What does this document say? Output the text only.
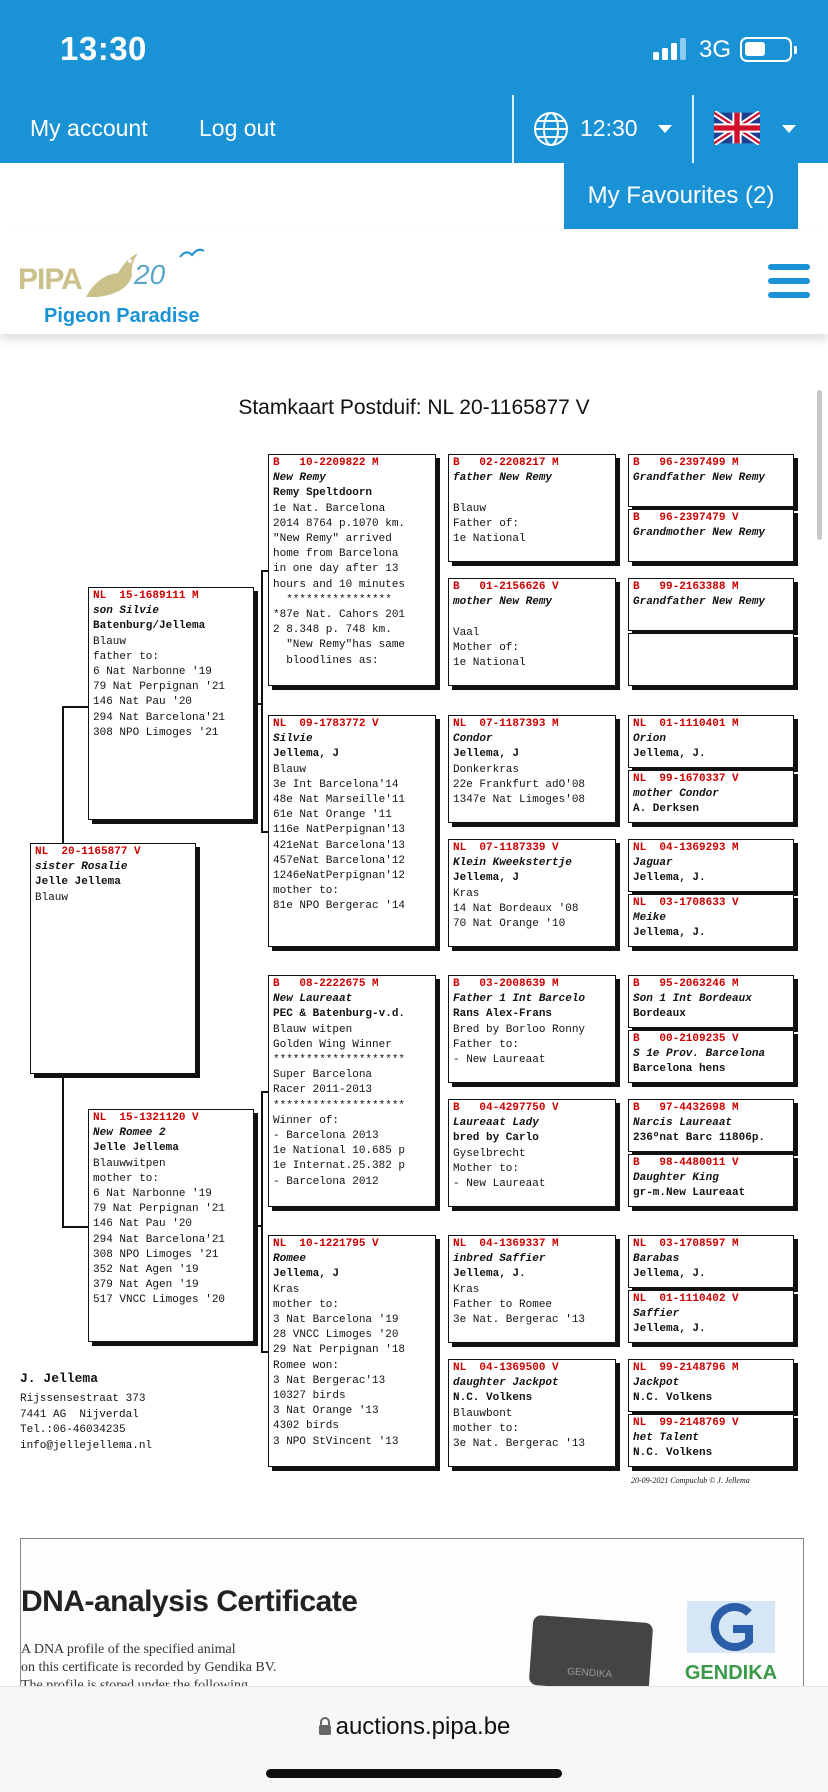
13:30	3G
My account Log out	12:30
My Favourites (2)
PIPA 20
Pigeon Paradise
Stamkaart Postduif: NL 20-1165877 V
NL  20-1165877 V
sister Rosalie
Jelle Jellema
Blauw
NL  15-1689111 M
son Silvie
Batenburg/Jellema
Blauw
father to:
6 Nat Narbonne '19
79 Nat Perpignan '21
146 Nat Pau '20
294 Nat Barcelona'21
308 NPO Limoges '21
NL  15-1321120 V
New Romee 2
Jelle Jellema
Blauwwitpen
mother to:
6 Nat Narbonne '19
79 Nat Perpignan '21
146 Nat Pau '20
294 Nat Barcelona'21
308 NPO Limoges '21
352 Nat Agen '19
379 Nat Agen '19
517 VNCC Limoges '20
B   10-2209822 M
New Remy
Remy Speltdoorn
1e Nat. Barcelona
2014 8764 p.1070 km.
"New Remy" arrived
home from Barcelona
in one day after 13
hours and 10 minutes
****************
*87e Nat. Cahors 201
2 8.348 p. 748 km.
"New Remy"has same
bloodlines as:
NL  09-1783772 V
Silvie
Jellema, J
Blauw
3e Int Barcelona'14
48e Nat Marseille'11
61e Nat Orange '11
116e NatPerpignan'13
421eNat Barcelona'13
457eNat Barcelona'12
1246eNatPerpignan'12
mother to:
81e NPO Bergerac '14
B   08-2222675 M
New Laureaat
PEC & Batenburg-v.d.
Blauw witpen
Golden Wing Winner
********************
Super Barcelona
Racer 2011-2013
********************
Winner of:
- Barcelona 2013
1e National 10.685 p
1e Internat.25.382 p
- Barcelona 2012
NL  10-1221795 V
Romee
Jellema, J
Kras
mother to:
3 Nat Barcelona '19
28 VNCC Limoges '20
29 Nat Perpignan '18
Romee won:
3 Nat Bergerac'13
10327 birds
3 Nat Orange '13
4302 birds
3 NPO StVincent '13
B   02-2208217 M
father New Remy

Blauw
Father of:
1e National
B   01-2156626 V
mother New Remy

Vaal
Mother of:
1e National
NL  07-1187393 M
Condor
Jellema, J
Donkerkras
22e Frankfurt adO'08
1347e Nat Limoges'08
NL  07-1187339 V
Klein Kweekstertje
Jellema, J
Kras
14 Nat Bordeaux '08
70 Nat Orange '10
B   03-2008639 M
Father 1 Int Barcelo
Rans Alex-Frans
Bred by Borloo Ronny
Father to:
- New Laureaat
B   04-4297750 V
Laureaat Lady
bred by Carlo
Gyselbrecht
Mother to:
- New Laureaat
NL  04-1369337 M
inbred Saffier
Jellema, J.
Kras
Father to Romee
3e Nat. Bergerac '13
NL  04-1369500 V
daughter Jackpot
N.C. Volkens
Blauwbont
mother to:
3e Nat. Bergerac '13
B   96-2397499 M
Grandfather New Remy
B   96-2397479 V
Grandmother New Remy
B   99-2163388 M
Grandfather New Remy
NL  01-1110401 M
Orion
Jellema, J.
NL  99-1670337 V
mother Condor
A. Derksen
NL  04-1369293 M
Jaguar
Jellema, J.
NL  03-1708633 V
Meike
Jellema, J.
B   95-2063246 M
Son 1 Int Bordeaux
Bordeaux
B   00-2109235 V
S 1e Prov. Barcelona
Barcelona hens
B   97-4432698 M
Narcis Laureaat
236ºnat Barc 11806p.
B   98-4480011 V
Daughter King
gr-m.New Laureaat
NL  03-1708597 M
Barabas
Jellema, J.
NL  01-1110402 V
Saffier
Jellema, J.
NL  99-2148796 M
Jackpot
N.C. Volkens
NL  99-2148769 V
het Talent
N.C. Volkens
J. Jellema
Rijssensestraat 373
7441 AG  Nijverdal
Tel.:06-46034235
info@jellejellema.nl
20-09-2021 Compuclub © J. Jellema
DNA-analysis Certificate
A DNA profile of the specified animal
on this certificate is recorded by Gendika BV.
	GENDIKA	GENDIKA
auctions.pipa.be
